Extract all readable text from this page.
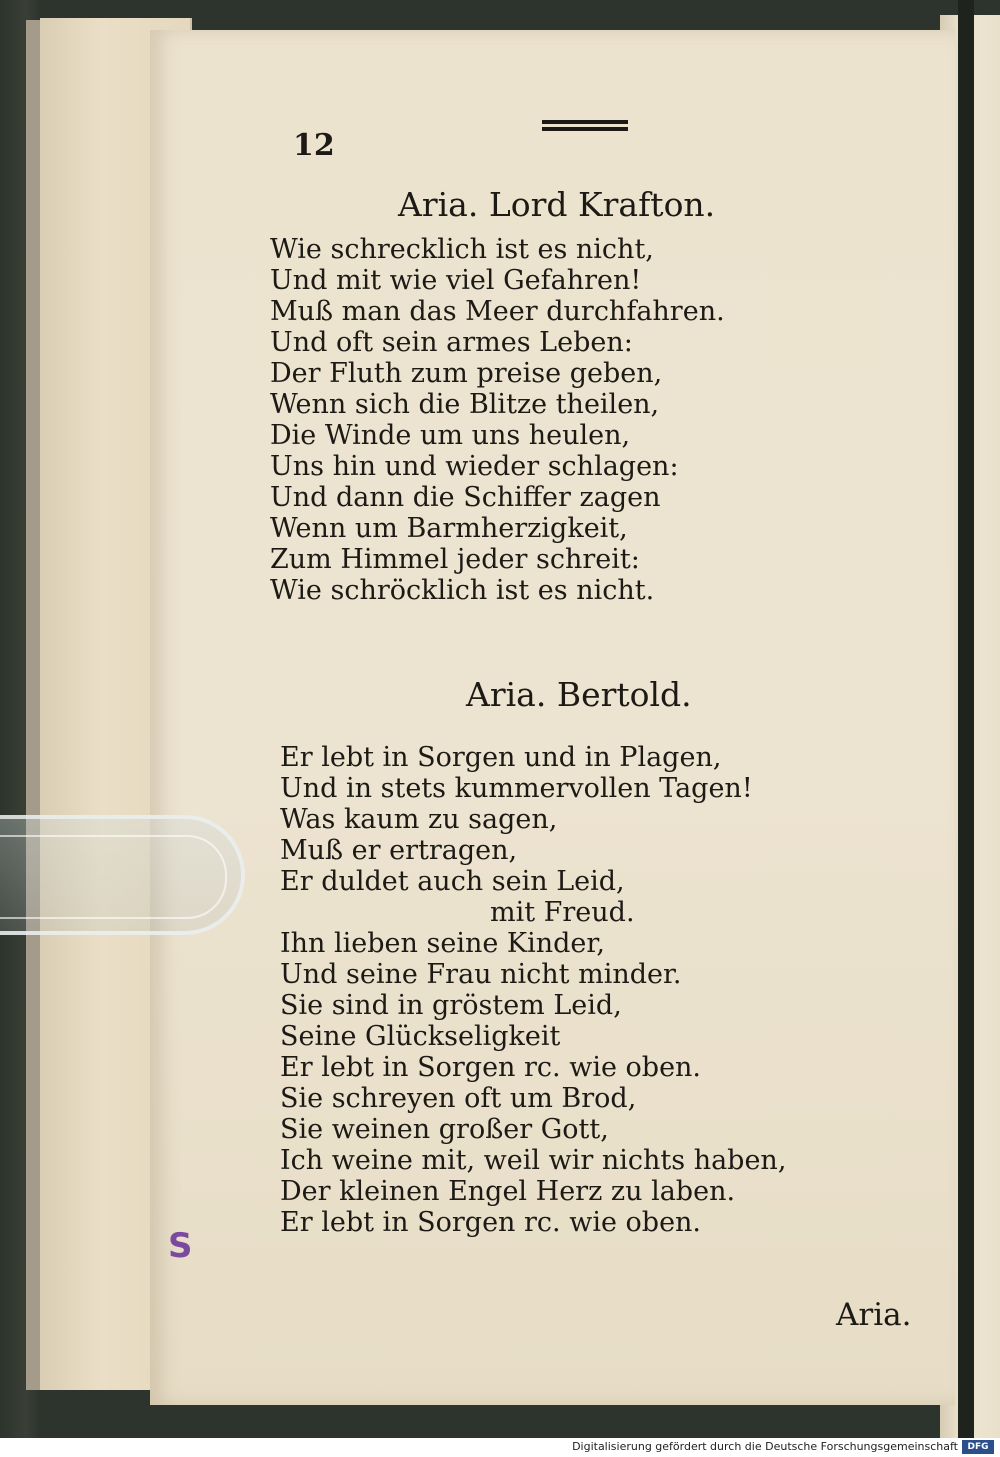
12
Aria. Lord Krafton.
Wie schrecklich ist es nicht,
Und mit wie viel Gefahren!
Muß man das Meer durchfahren.
Und oft sein armes Leben:
Der Fluth zum preise geben,
Wenn sich die Blitze theilen,
Die Winde um uns heulen,
Uns hin und wieder schlagen:
Und dann die Schiffer zagen
Wenn um Barmherzigkeit,
Zum Himmel jeder schreit:
Wie schröcklich ist es nicht.
Aria. Bertold.
Er lebt in Sorgen und in Plagen,
Und in stets kummervollen Tagen!
Was kaum zu sagen,
Muß er ertragen,
Er duldet auch sein Leid,
mit Freud.
Ihn lieben seine Kinder,
Und seine Frau nicht minder.
Sie sind in gröstem Leid,
Seine Glückseligkeit
Er lebt in Sorgen rc. wie oben.
Sie schreyen oft um Brod,
Sie weinen großer Gott,
Ich weine mit, weil wir nichts haben,
Der kleinen Engel Herz zu laben.
Er lebt in Sorgen rc. wie oben.
Aria.
S
Digitalisierung gefördert durch die Deutsche Forschungsgemeinschaft	DFG
